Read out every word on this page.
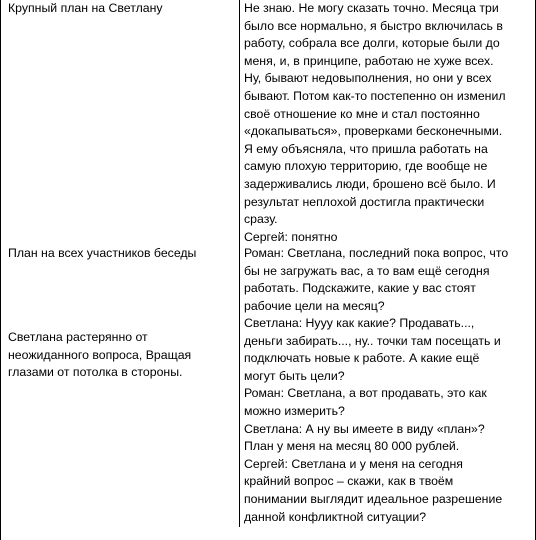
Крупный план на Светлану	Не знаю. Не могу сказать точно. Месяца три
было все нормально, я быстро включилась в
работу, собрала все долги, которые были до
меня, и, в принципе, работаю не хуже всех.
Ну, бывают недовыполнения, но они у всех
бывают. Потом как-то постепенно он изменил
своё отношение ко мне и стал постоянно
«докапываться», проверками бесконечными.
Я ему объясняла, что пришла работать на
самую плохую территорию, где вообще не
задерживались люди, брошено всё было. И
результат неплохой достигла практически
сразу.
Сергей: понятно
План на всех участников беседы	Роман: Светлана, последний пока вопрос, что
бы не загружать вас, а то вам ещё сегодня
работать. Подскажите, какие у вас стоят
рабочие цели на месяц?
Светлана растерянно от
неожиданного вопроса, Вращая
глазами от потолка в стороны.
Светлана: Нууу как какие? Продавать...,
деньги забирать..., ну.. точки там посещать и
подключать новые к работе. А какие ещё
могут быть цели?
Роман: Светлана, а вот продавать, это как
можно измерить?
Светлана: А ну вы имеете в виду «план»?
План у меня на месяц 80 000 рублей.
Сергей: Светлана и у меня на сегодня
крайний вопрос – скажи, как в твоём
понимании выглядит идеальное разрешение
данной конфликтной ситуации?
